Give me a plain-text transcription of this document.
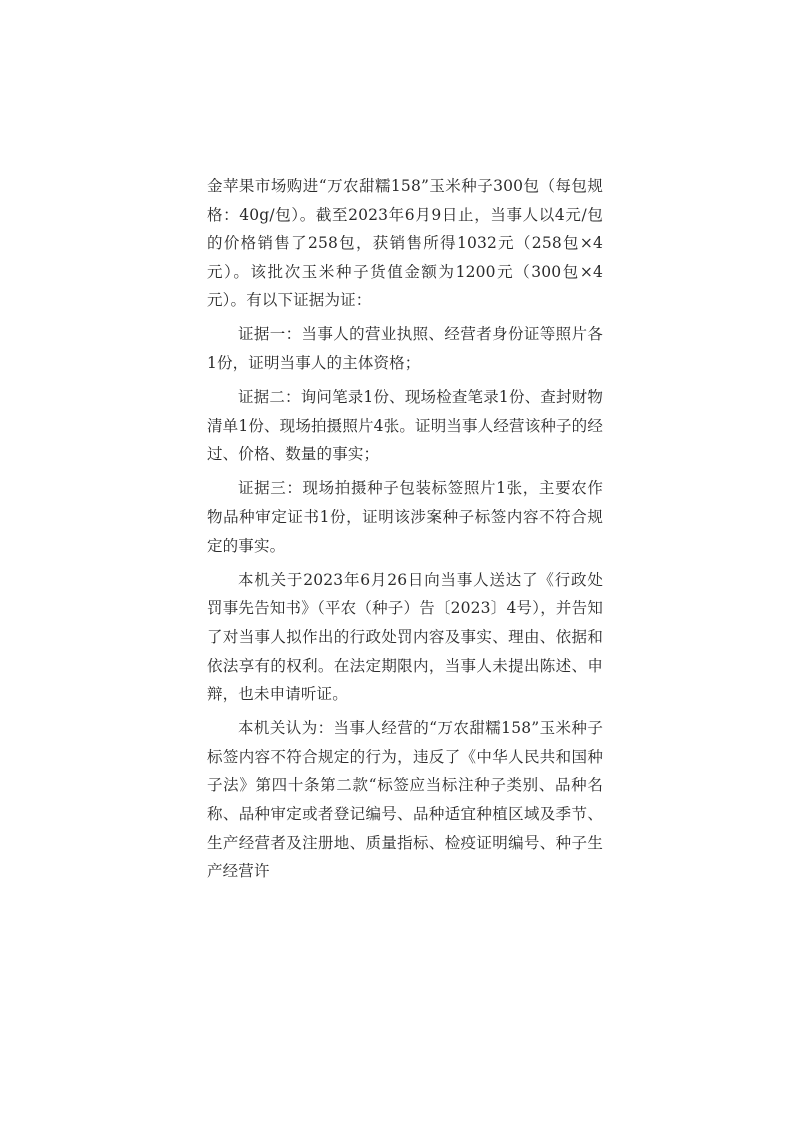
金苹果市场购进“万农甜糯158”玉米种子300包（每包规格：40g/包）。截至2023年6月9日止，当事人以4元/包的价格销售了258包，获销售所得1032元（258包×4元）。该批次玉米种子货值金额为1200元（300包×4元）。有以下证据为证：

证据一：当事人的营业执照、经营者身份证等照片各1份，证明当事人的主体资格；

证据二：询问笔录1份、现场检查笔录1份、查封财物清单1份、现场拍摄照片4张。证明当事人经营该种子的经过、价格、数量的事实；

证据三：现场拍摄种子包装标签照片1张，主要农作物品种审定证书1份，证明该涉案种子标签内容不符合规定的事实。

本机关于2023年6月26日向当事人送达了《行政处罚事先告知书》（平农（种子）告〔2023〕4号），并告知了对当事人拟作出的行政处罚内容及事实、理由、依据和依法享有的权利。在法定期限内，当事人未提出陈述、申辩，也未申请听证。

本机关认为：当事人经营的“万农甜糯158”玉米种子标签内容不符合规定的行为，违反了《中华人民共和国种子法》第四十条第二款“标签应当标注种子类别、品种名称、品种审定或者登记编号、品种适宜种植区域及季节、生产经营者及注册地、质量指标、检疫证明编号、种子生产经营许
